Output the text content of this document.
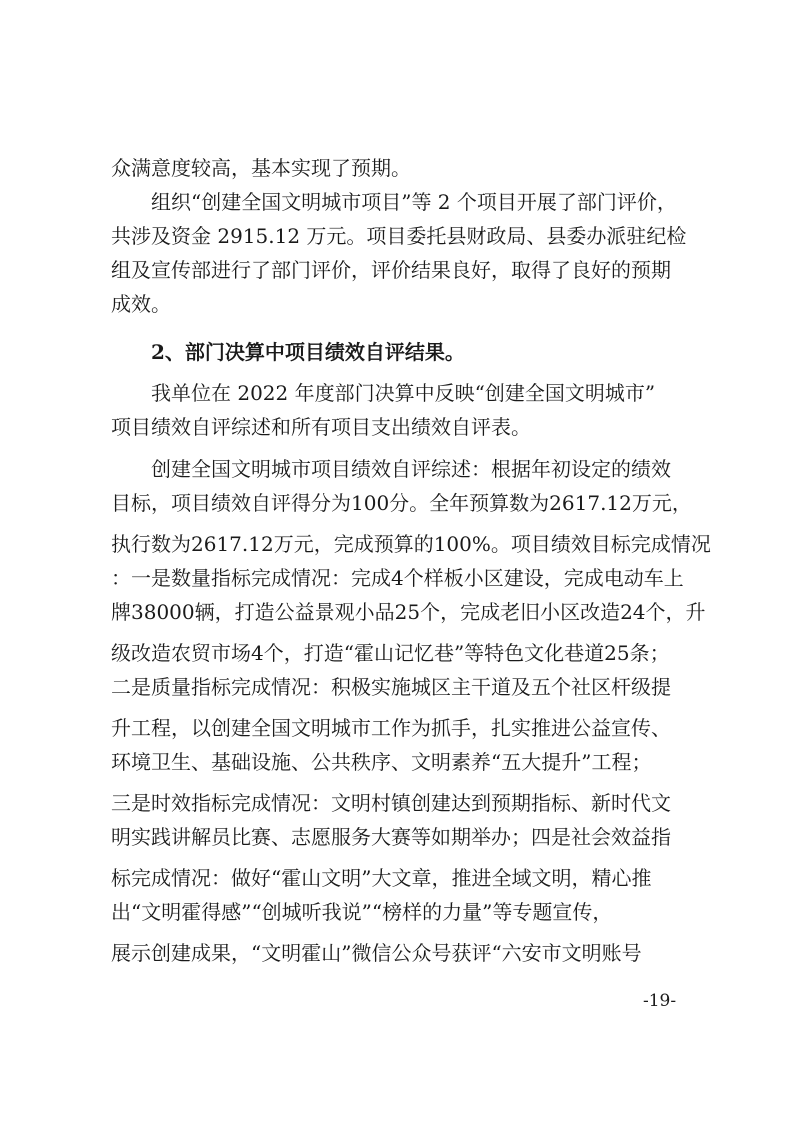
众满意度较高，基本实现了预期。
组织“创建全国文明城市项目”等 2 个项目开展了部门评价，
共涉及资金 2915.12 万元。项目委托县财政局、县委办派驻纪检
组及宣传部进行了部门评价，评价结果良好，取得了良好的预期
成效。
2、部门决算中项目绩效自评结果。
我单位在 2022 年度部门决算中反映“创建全国文明城市”
项目绩效自评综述和所有项目支出绩效自评表。
创建全国文明城市项目绩效自评综述：根据年初设定的绩效
目标，项目绩效自评得分为100分。全年预算数为2617.12万元，
执行数为2617.12万元，完成预算的100%。项目绩效目标完成情况
：一是数量指标完成情况：完成4个样板小区建设，完成电动车上
牌38000辆，打造公益景观小品25个，完成老旧小区改造24个，升
级改造农贸市场4个，打造“霍山记忆巷”等特色文化巷道25条；
二是质量指标完成情况：积极实施城区主干道及五个社区杆级提
升工程，以创建全国文明城市工作为抓手，扎实推进公益宣传、
环境卫生、基础设施、公共秩序、文明素养“五大提升”工程；
三是时效指标完成情况：文明村镇创建达到预期指标、新时代文
明实践讲解员比赛、志愿服务大赛等如期举办；四是社会效益指
标完成情况：做好“霍山文明”大文章，推进全域文明，精心推
出“文明霍得感”“创城听我说”“榜样的力量”等专题宣传，
展示创建成果，“文明霍山”微信公众号获评“六安市文明账号
-19-
